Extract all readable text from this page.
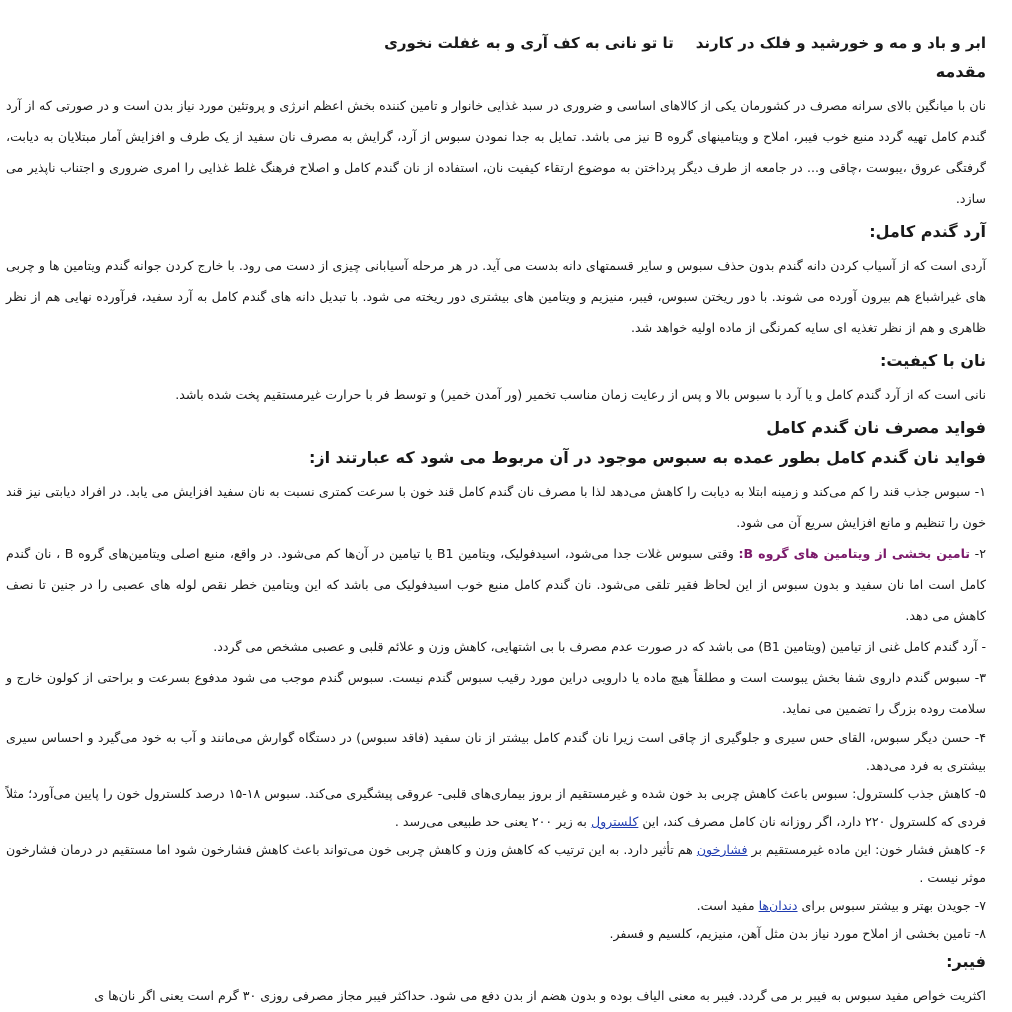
ابر و باد و مه و خورشید و فلک در کارندتا تو نانی به کف آری و به غفلت نخوری
مقدمه

نان با میانگین بالای سرانه مصرف در کشورمان یکی از کالاهای اساسی و ضروری در سبد غذایی خانوار و تامین کننده بخش اعظم انرژی و پروتئین مورد نیاز بدن است و در صورتی که از آرد گندم کامل تهیه گردد منبع خوب فیبر، املاح و ویتامینهای گروه B نیز می باشد. تمایل به جدا نمودن سبوس از آرد، گرایش به مصرف نان سفید از یک طرف و افزایش آمار مبتلایان به دیابت، گرفتگی عروق ،یبوست ،چاقی و... در جامعه از طرف دیگر پرداختن به موضوع ارتقاء کیفیت نان، استفاده از نان گندم کامل و اصلاح فرهنگ غلط غذایی را امری ضروری و اجتناب ناپذیر می سازد.

آرد گندم کامل:

آردی است که از آسیاب کردن دانه گندم بدون حذف سبوس و سایر قسمتهای دانه بدست می آید. در هر مرحله آسیابانی چیزی از دست می رود. با خارج کردن جوانه گندم ویتامین ها و چربی های غیراشباع هم بیرون آورده می شوند. با دور ریختن سبوس، فیبر، منیزیم و ویتامین های بیشتری دور ریخته می شود. با تبدیل دانه های گندم کامل به آرد سفید، فرآورده نهایی هم از نظر ظاهری و هم از نظر تغذیه ای سایه کمرنگی از ماده اولیه خواهد شد.

نان با کیفیت:

نانی است که از آرد گندم کامل و یا آرد با سبوس بالا و پس از رعایت زمان مناسب تخمیر (ور آمدن خمیر) و توسط فر با حرارت غیرمستقیم پخت شده باشد.

فواید مصرف نان گندم کامل
فواید نان گندم کامل بطور عمده به سبوس موجود در آن مربوط می شود که عبارتند از:

۱- سبوس جذب قند را کم می‌کند و زمینه ابتلا به دیابت را کاهش می‌دهد لذا با مصرف نان گندم کامل قند خون با سرعت کمتری نسبت به نان سفید افزایش می یابد. در افراد دیابتی نیز قند خون را تنظیم و مانع افزایش سریع آن می شود.

۲- تامین بخشی از ویتامین های گروه B: وقتی سبوس غلات جدا می‌شود، اسیدفولیک، ویتامین B1 یا تیامین در آن‌ها کم می‌شود. در واقع، منبع اصلی ویتامین‌های گروه B ، نان گندم کامل است اما نان سفید و بدون سبوس از این لحاظ فقیر تلقی می‌شود. نان گندم کامل منبع خوب اسیدفولیک می باشد که این ویتامین خطر نقص لوله های عصبی را در جنین تا نصف کاهش می دهد.

- آرد گندم کامل غنی از تیامین (ویتامین B1) می باشد که در صورت عدم مصرف با بی اشتهایی، کاهش وزن و علائم قلبی و عصبی مشخص می گردد.

۳- سبوس گندم داروی شفا بخش یبوست است و مطلقاً هیچ ماده یا دارویی دراین مورد رقیب سبوس گندم نیست. سبوس گندم موجب می شود مدفوع بسرعت و براحتی از کولون خارج و سلامت روده بزرگ را تضمین می نماید.

۴- حسن دیگر سبوس، القای حس سیری و جلوگیری از چاقی است زیرا نان گندم کامل بیشتر از نان سفید (فاقد سبوس) در دستگاه گوارش می‌مانند و آب به خود می‌گیرد و احساس سیری بیشتری به فرد می‌دهد.

۵- کاهش جذب کلسترول: سبوس باعث کاهش چربی بد خون شده و غیرمستقیم از بروز بیماری‌های قلبی- عروقی پیشگیری می‌کند. سبوس ۱۸-۱۵ درصد کلسترول خون را پایین می‌آورد؛ مثلاً فردی که کلسترول ۲۲۰ دارد، اگر روزانه نان کامل مصرف کند، این کلسترول به زیر ۲۰۰ یعنی حد طبیعی می‌رسد .

۶- کاهش فشار خون: این ماده غیرمستقیم بر فشارخون هم تأثیر دارد. به این ترتیب که کاهش وزن و کاهش چربی خون می‌تواند باعث کاهش فشارخون شود اما مستقیم در درمان فشارخون موثر نیست .

۷- جویدن بهتر و بیشتر سبوس برای دندان‌ها مفید است.

۸- تامین بخشی از املاح مورد نیاز بدن مثل آهن، منیزیم، کلسیم و فسفر.

فیبر:

اکثریت خواص مفید سبوس به فیبر بر می گردد. فیبر به معنی الیاف بوده و بدون هضم از بدن دفع می شود. حداکثر فیبر مجاز مصرفی روزی ۳۰ گرم است یعنی اگر نان‌ها ی
